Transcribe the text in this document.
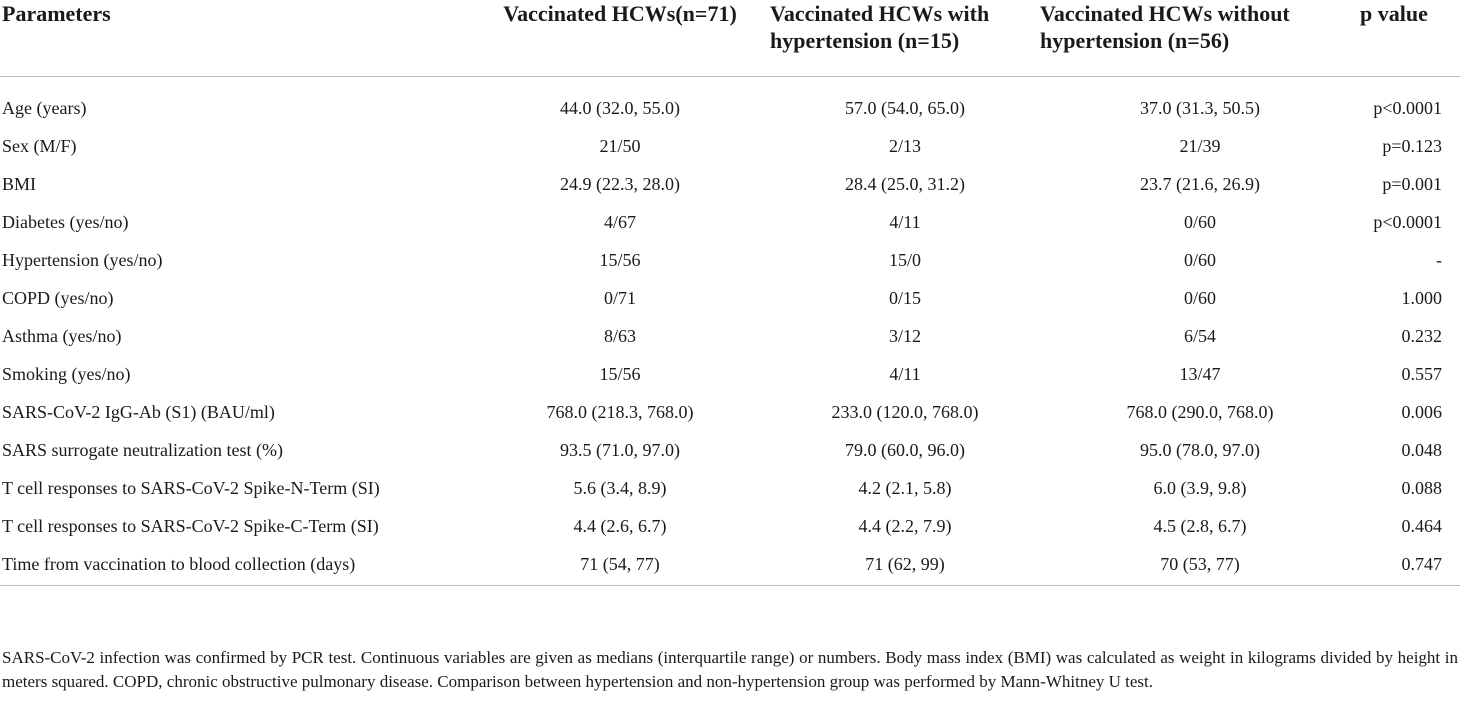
Parameters	Vaccinated HCWs(n=71)	Vaccinated HCWs with hypertension (n=15)	Vaccinated HCWs without hypertension (n=56)	p value
Age (years)	44.0 (32.0, 55.0)	57.0 (54.0, 65.0)	37.0 (31.3, 50.5)	p<0.0001
Sex (M/F)	21/50	2/13	21/39	p=0.123
BMI	24.9 (22.3, 28.0)	28.4 (25.0, 31.2)	23.7 (21.6, 26.9)	p=0.001
Diabetes (yes/no)	4/67	4/11	0/60	p<0.0001
Hypertension (yes/no)	15/56	15/0	0/60	-
COPD (yes/no)	0/71	0/15	0/60	1.000
Asthma (yes/no)	8/63	3/12	6/54	0.232
Smoking (yes/no)	15/56	4/11	13/47	0.557
SARS-CoV-2 IgG-Ab (S1) (BAU/ml)	768.0 (218.3, 768.0)	233.0 (120.0, 768.0)	768.0 (290.0, 768.0)	0.006
SARS surrogate neutralization test (%)	93.5 (71.0, 97.0)	79.0 (60.0, 96.0)	95.0 (78.0, 97.0)	0.048
T cell responses to SARS-CoV-2 Spike-N-Term (SI)	5.6 (3.4, 8.9)	4.2 (2.1, 5.8)	6.0 (3.9, 9.8)	0.088
T cell responses to SARS-CoV-2 Spike-C-Term (SI)	4.4 (2.6, 6.7)	4.4 (2.2, 7.9)	4.5 (2.8, 6.7)	0.464
Time from vaccination to blood collection (days)	71 (54, 77)	71 (62, 99)	70 (53, 77)	0.747

SARS-CoV-2 infection was confirmed by PCR test. Continuous variables are given as medians (interquartile range) or numbers. Body mass index (BMI) was calculated as weight in kilograms divided by height in meters squared. COPD, chronic obstructive pulmonary disease. Comparison between hypertension and non-hypertension group was performed by Mann-Whitney U test.
